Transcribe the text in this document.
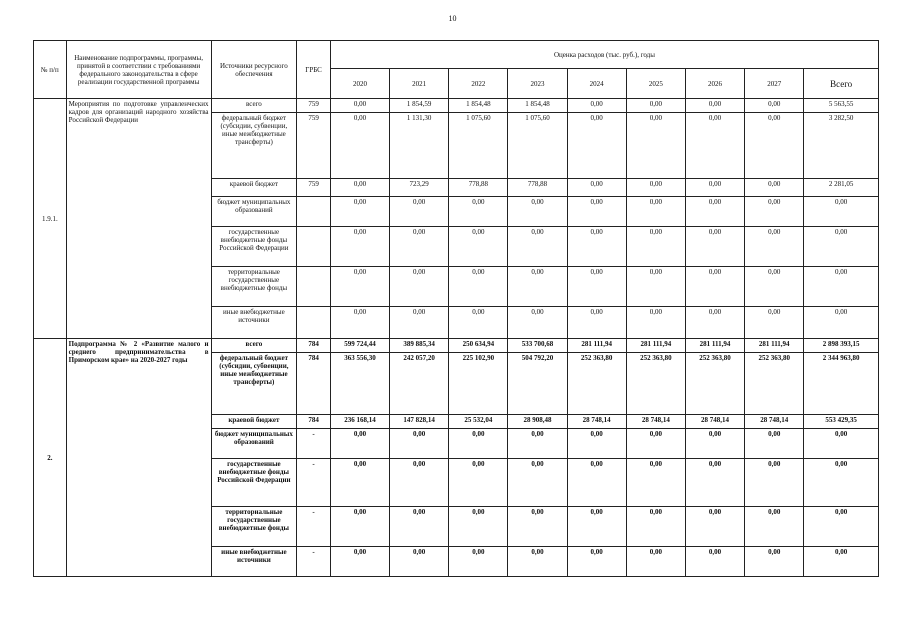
10
№ п/п	Наименование подпрограммы, программы, принятой в соответствии с требованиями федерального законодательства в сфере реализации государственной программы	Источники ресурсного обеспечения	ГРБС	Оценка расходов (тыс. руб.), годы								
				2020	2021	2022	2023	2024	2025	2026	2027	Всего
1.9.1.	Мероприятия по подготовке управленческих кадров для организаций народного хозяйства Российской Федерации	всего	759	0,00	1 854,59	1 854,48	1 854,48	0,00	0,00	0,00	0,00	5 563,55
		федеральный бюджет (субсидии, субвенции, иные межбюджетные трансферты)	759	0,00	1 131,30	1 075,60	1 075,60	0,00	0,00	0,00	0,00	3 282,50
		краевой бюджет	759	0,00	723,29	778,88	778,88	0,00	0,00	0,00	0,00	2 281,05
		бюджет муниципальных образований		0,00	0,00	0,00	0,00	0,00	0,00	0,00	0,00	0,00
		государственные внебюджетные фонды Российской Федерации		0,00	0,00	0,00	0,00	0,00	0,00	0,00	0,00	0,00
		территориальные государственные внебюджетные фонды		0,00	0,00	0,00	0,00	0,00	0,00	0,00	0,00	0,00
		иные внебюджетные источники		0,00	0,00	0,00	0,00	0,00	0,00	0,00	0,00	0,00
2.	Подпрограмма № 2 «Развитие малого и среднего предпринимательства в Приморском крае» на 2020-2027 годы	всего	784	599 724,44	389 885,34	250 634,94	533 700,68	281 111,94	281 111,94	281 111,94	281 111,94	2 898 393,15
		федеральный бюджет (субсидии, субвенции, иные межбюджетные трансферты)	784	363 556,30	242 057,20	225 102,90	504 792,20	252 363,80	252 363,80	252 363,80	252 363,80	2 344 963,80
		краевой бюджет	784	236 168,14	147 828,14	25 532,04	28 908,48	28 748,14	28 748,14	28 748,14	28 748,14	553 429,35
		бюджет муниципальных образований	-	0,00	0,00	0,00	0,00	0,00	0,00	0,00	0,00	0,00
		государственные внебюджетные фонды Российской Федерации	-	0,00	0,00	0,00	0,00	0,00	0,00	0,00	0,00	0,00
		территориальные государственные внебюджетные фонды	-	0,00	0,00	0,00	0,00	0,00	0,00	0,00	0,00	0,00
		иные внебюджетные источники	-	0,00	0,00	0,00	0,00	0,00	0,00	0,00	0,00	0,00
